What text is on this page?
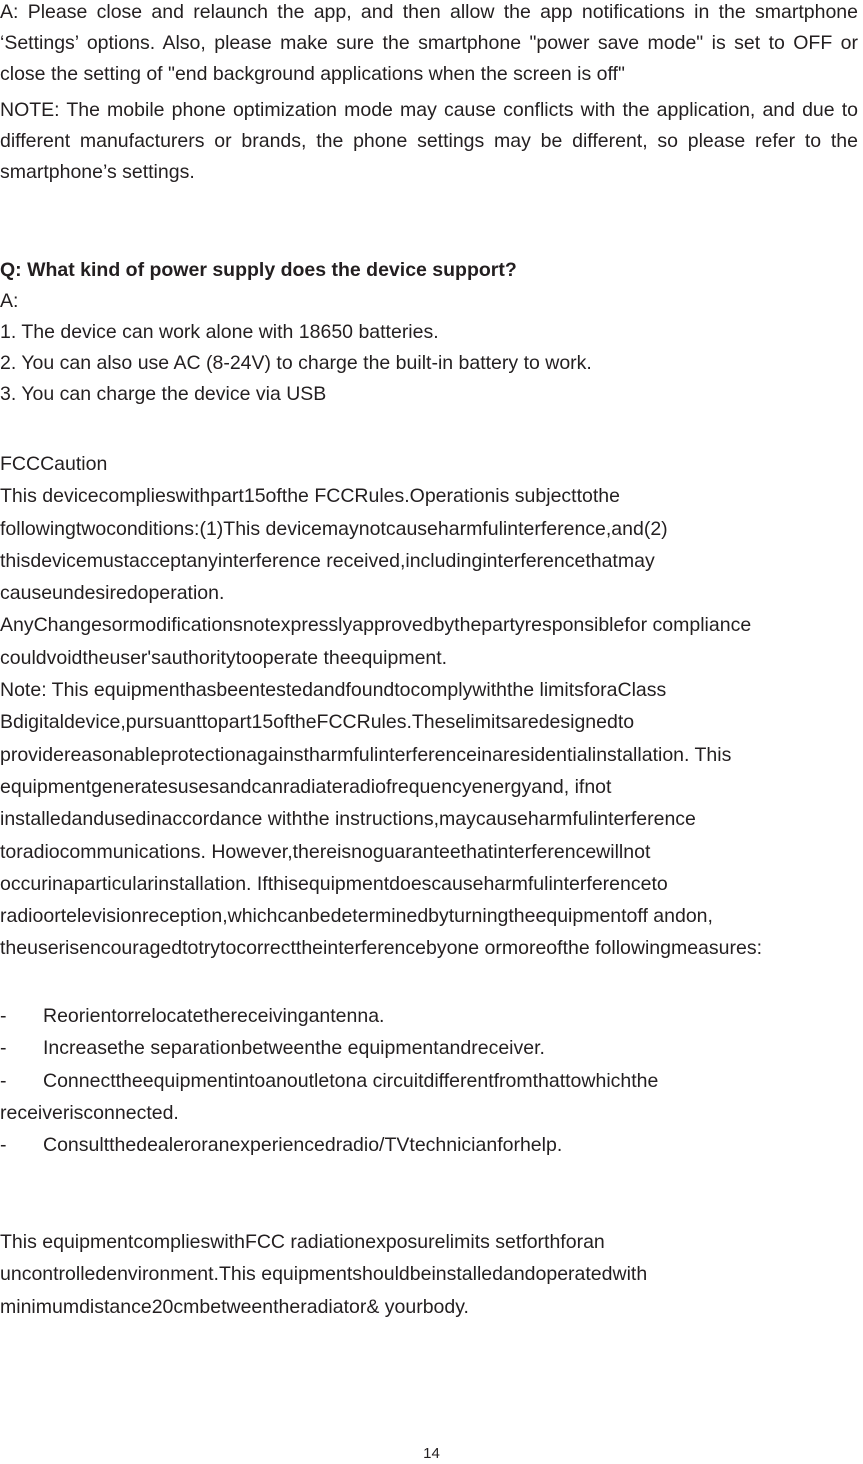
A: Please close and relaunch the app, and then allow the app notifications in the smartphone ‘Settings’ options. Also, please make sure the smartphone "power save mode" is set to OFF or close the setting of "end background applications when the screen is off"

NOTE: The mobile phone optimization mode may cause conflicts with the application, and due to different manufacturers or brands, the phone settings may be different, so please refer to the smartphone’s settings.

Q: What kind of power supply does the device support?
A:
1. The device can work alone with 18650 batteries.
2. You can also use AC (8-24V) to charge the built-in battery to work.
3. You can charge the device via USB
FCCCaution
This devicecomplieswithpart15ofthe FCCRules.Operationis subjecttothe
followingtwoconditions:(1)This devicemaynotcauseharmfulinterference,and(2)
thisdevicemustacceptanyinterference received,includinginterferencethatmay
causeundesiredoperation.
AnyChangesormodificationsnotexpresslyapprovedbythepartyresponsiblefor compliance
couldvoidtheuser'sauthoritytooperate theequipment.
Note: This equipmenthasbeentestedandfoundtocomplywiththe limitsforaClass
Bdigitaldevice,pursuanttopart15oftheFCCRules.Theselimitsaredesignedto
providereasonableprotectionagainstharmfulinterferenceinaresidentialinstallation. This
equipmentgeneratesusesandcanradiateradiofrequencyenergyand, ifnot
installedandusedinaccordance withthe instructions,maycauseharmfulinterference
toradiocommunications. However,thereisnoguaranteethatinterferencewillnot
occurinaparticularinstallation. Ifthisequipmentdoescauseharmfulinterferenceto
radioortelevisionreception,whichcanbedeterminedbyturningtheequipmentoff andon,
theuserisencouragedtotrytocorrecttheinterferencebyone ormoreofthe followingmeasures:
- Reorientorrelocatethereceivingantenna.
- Increasethe separationbetweenthe equipmentandreceiver.
- Connecttheequipmentintoanoutletona circuitdifferentfromthattowhichthe
receiverisconnected.
- Consultthedealeroranexperiencedradio/TVtechnicianforhelp.
This equipmentcomplieswithFCC radiationexposurelimits setforthforan
uncontrolledenvironment.This equipmentshouldbeinstalledandoperatedwith
minimumdistance20cmbetweentheradiator& yourbody.
14
